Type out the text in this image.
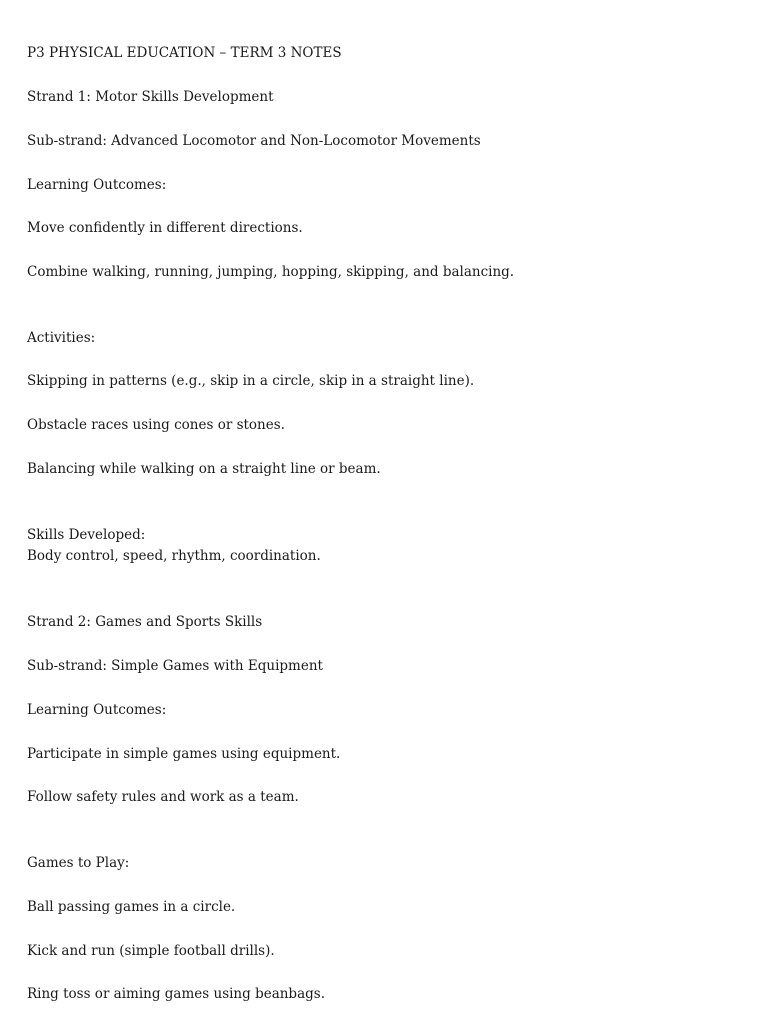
P3 PHYSICAL EDUCATION – TERM 3 NOTES
Strand 1: Motor Skills Development
Sub-strand: Advanced Locomotor and Non-Locomotor Movements
Learning Outcomes:
Move confidently in different directions.
Combine walking, running, jumping, hopping, skipping, and balancing.
Activities:
Skipping in patterns (e.g., skip in a circle, skip in a straight line).
Obstacle races using cones or stones.
Balancing while walking on a straight line or beam.
Skills Developed:
Body control, speed, rhythm, coordination.
Strand 2: Games and Sports Skills
Sub-strand: Simple Games with Equipment
Learning Outcomes:
Participate in simple games using equipment.
Follow safety rules and work as a team.
Games to Play:
Ball passing games in a circle.
Kick and run (simple football drills).
Ring toss or aiming games using beanbags.
